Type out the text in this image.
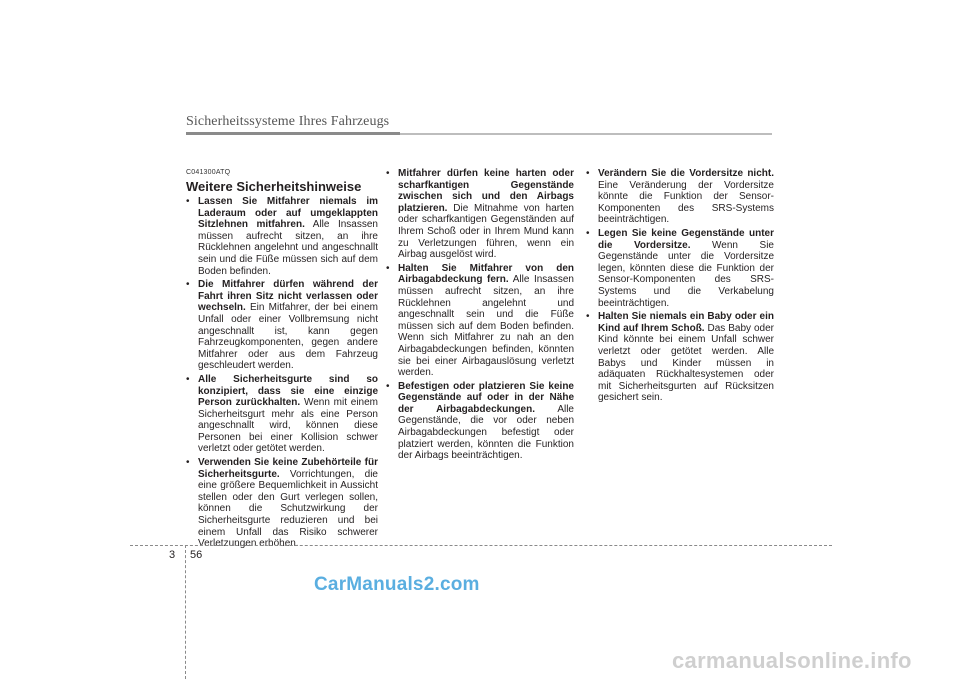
Sicherheitssysteme Ihres Fahrzeugs
C041300ATQ
Weitere Sicherheitshinweise
• Lassen Sie Mitfahrer niemals im Laderaum oder auf umgeklappten Sitzlehnen mitfahren. Alle Insassen müssen aufrecht sitzen, an ihre Rücklehnen angelehnt und angeschnallt sein und die Füße müssen sich auf dem Boden befinden.
• Die Mitfahrer dürfen während der Fahrt ihren Sitz nicht verlassen oder wechseln. Ein Mitfahrer, der bei einem Unfall oder einer Vollbremsung nicht angeschnallt ist, kann gegen Fahrzeugkomponenten, gegen andere Mitfahrer oder aus dem Fahrzeug geschleudert werden.
• Alle Sicherheitsgurte sind so konzipiert, dass sie eine einzige Person zurückhalten. Wenn mit einem Sicherheitsgurt mehr als eine Person angeschnallt wird, können diese Personen bei einer Kollision schwer verletzt oder getötet werden.
• Verwenden Sie keine Zubehörteile für Sicherheitsgurte. Vorrichtungen, die eine größere Bequemlichkeit in Aussicht stellen oder den Gurt verlegen sollen, können die Schutzwirkung der Sicherheitsgurte reduzieren und bei einem Unfall das Risiko schwerer Verletzungen erhöhen.
• Mitfahrer dürfen keine harten oder scharfkantigen Gegenstände zwischen sich und den Airbags platzieren. Die Mitnahme von harten oder scharfkantigen Gegenständen auf Ihrem Schoß oder in Ihrem Mund kann zu Verletzungen führen, wenn ein Airbag ausgelöst wird.
• Halten Sie Mitfahrer von den Airbagabdeckung fern. Alle Insassen müssen aufrecht sitzen, an ihre Rücklehnen angelehnt und angeschnallt sein und die Füße müssen sich auf dem Boden befinden. Wenn sich Mitfahrer zu nah an den Airbagabdeckungen befinden, könnten sie bei einer Airbagauslösung verletzt werden.
• Befestigen oder platzieren Sie keine Gegenstände auf oder in der Nähe der Airbagabdeckungen. Alle Gegenstände, die vor oder neben Airbagabdeckungen befestigt oder platziert werden, könnten die Funktion der Airbags beeinträchtigen.
• Verändern Sie die Vordersitze nicht. Eine Veränderung der Vordersitze könnte die Funktion der Sensor-Komponenten des SRS-Systems beeinträchtigen.
• Legen Sie keine Gegenstände unter die Vordersitze. Wenn Sie Gegenstände unter die Vordersitze legen, könnten diese die Funktion der Sensor-Komponenten des SRS-Systems und die Verkabelung beeinträchtigen.
• Halten Sie niemals ein Baby oder ein Kind auf Ihrem Schoß. Das Baby oder Kind könnte bei einem Unfall schwer verletzt oder getötet werden. Alle Babys und Kinder müssen in adäquaten Rückhaltesystemen oder mit Sicherheitsgurten auf Rücksitzen gesichert sein.
3 56
CarManuals2.com
carmanualsonline.info
